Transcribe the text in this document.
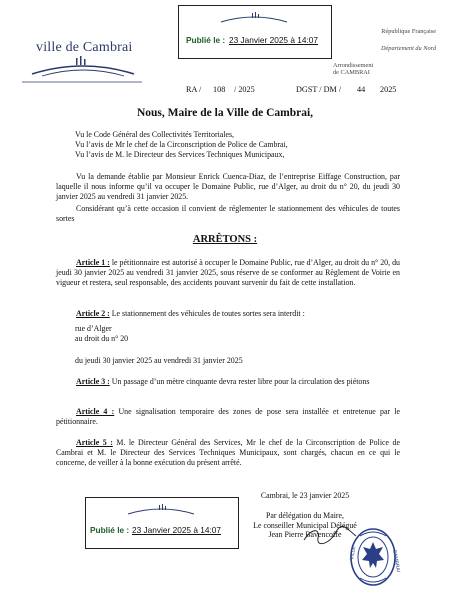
ville de Cambrai	Publié le : 23 Janvier 2025 à 14:07
République Française
Département du Nord
Arrondissement
de CAMBRAI
RA / 108 / 2025	DGST / DM / 44 2025
Nous, Maire de la Ville de Cambrai,
Vu le Code Général des Collectivités Territoriales,
Vu l’avis de Mr le chef de la Circonscription de Police de Cambrai,
Vu l’avis de M. le Directeur des Services Techniques Municipaux,
Vu la demande établie par Monsieur Enrick Cuenca-Diaz, de l’entreprise Eiffage Construction, par laquelle il nous informe qu’il va occuper le Domaine Public, rue d’Alger, au droit du n° 20, du jeudi 30 janvier 2025 au vendredi 31 janvier 2025.
Considérant qu’à cette occasion il convient de réglementer le stationnement des véhicules de toutes sortes
ARRÊTONS :
Article 1 : le pétitionnaire est autorisé à occuper le Domaine Public, rue d’Alger, au droit du n° 20, du jeudi 30 janvier 2025 au vendredi 31 janvier 2025, sous réserve de se conformer au Règlement de Voirie en vigueur et restera, seul responsable, des accidents pouvant survenir du fait de cette installation.
Article 2 : Le stationnement des véhicules de toutes sortes sera interdit :
rue d’Alger
au droit du n° 20
du jeudi 30 janvier 2025 au vendredi 31 janvier 2025
Article 3 : Un passage d’un mètre cinquante devra rester libre pour la circulation des piétons
Article 4 : Une signalisation temporaire des zones de pose sera installée et entretenue par le pétitionnaire.
Article 5 : M. le Directeur Général des Services, Mr le chef de la Circonscription de Police de Cambrai et M. le Directeur des Services Techniques Municipaux, sont chargés, chacun en ce qui le concerne, de veiller à la bonne exécution du présent arrêté.
Cambrai, le 23 janvier 2025
Par délégation du Maire,
Le conseiller Municipal Délégué
Jean Pierre Bavencoffe
VILLE	CAMBRAI
Publié le : 23 Janvier 2025 à 14:07
